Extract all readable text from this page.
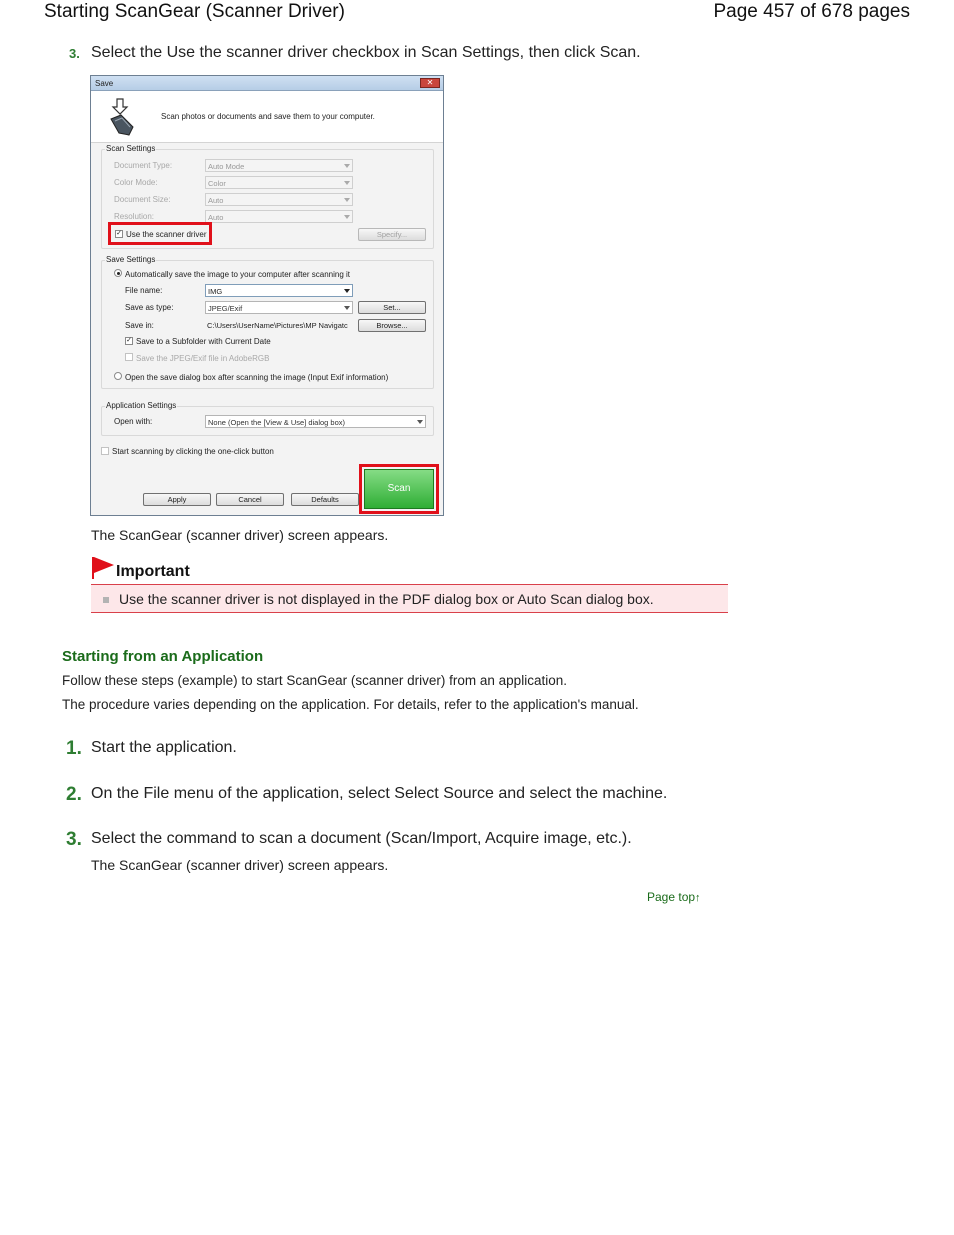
Starting ScanGear (Scanner Driver)	Page 457 of 678 pages
3. Select the Use the scanner driver checkbox in Scan Settings, then click Scan.
Save	✕
Scan photos or documents and save them to your computer.
Scan Settings
Document Type:	Auto Mode
Color Mode:	Color
Document Size:	Auto
Resolution:	Auto
✓ Use the scanner driver	Specify...
Save Settings
Automatically save the image to your computer after scanning it
File name:	IMG
Save as type:	JPEG/Exif	Set...
Save in:	C:\Users\UserName\Pictures\MP Navigatc	Browse...
✓ Save to a Subfolder with Current Date
Save the JPEG/Exif file in AdobeRGB
Open the save dialog box after scanning the image (Input Exif information)
Application Settings
Open with:	None (Open the [View & Use] dialog box)
Start scanning by clicking the one-click button
Apply	Cancel	Defaults
Scan
The ScanGear (scanner driver) screen appears.
Important
Use the scanner driver is not displayed in the PDF dialog box or Auto Scan dialog box.
Starting from an Application
Follow these steps (example) to start ScanGear (scanner driver) from an application.
The procedure varies depending on the application. For details, refer to the application's manual.
1. Start the application.
2. On the File menu of the application, select Select Source and select the machine.
3. Select the command to scan a document (Scan/Import, Acquire image, etc.).
The ScanGear (scanner driver) screen appears.
Page top↑
